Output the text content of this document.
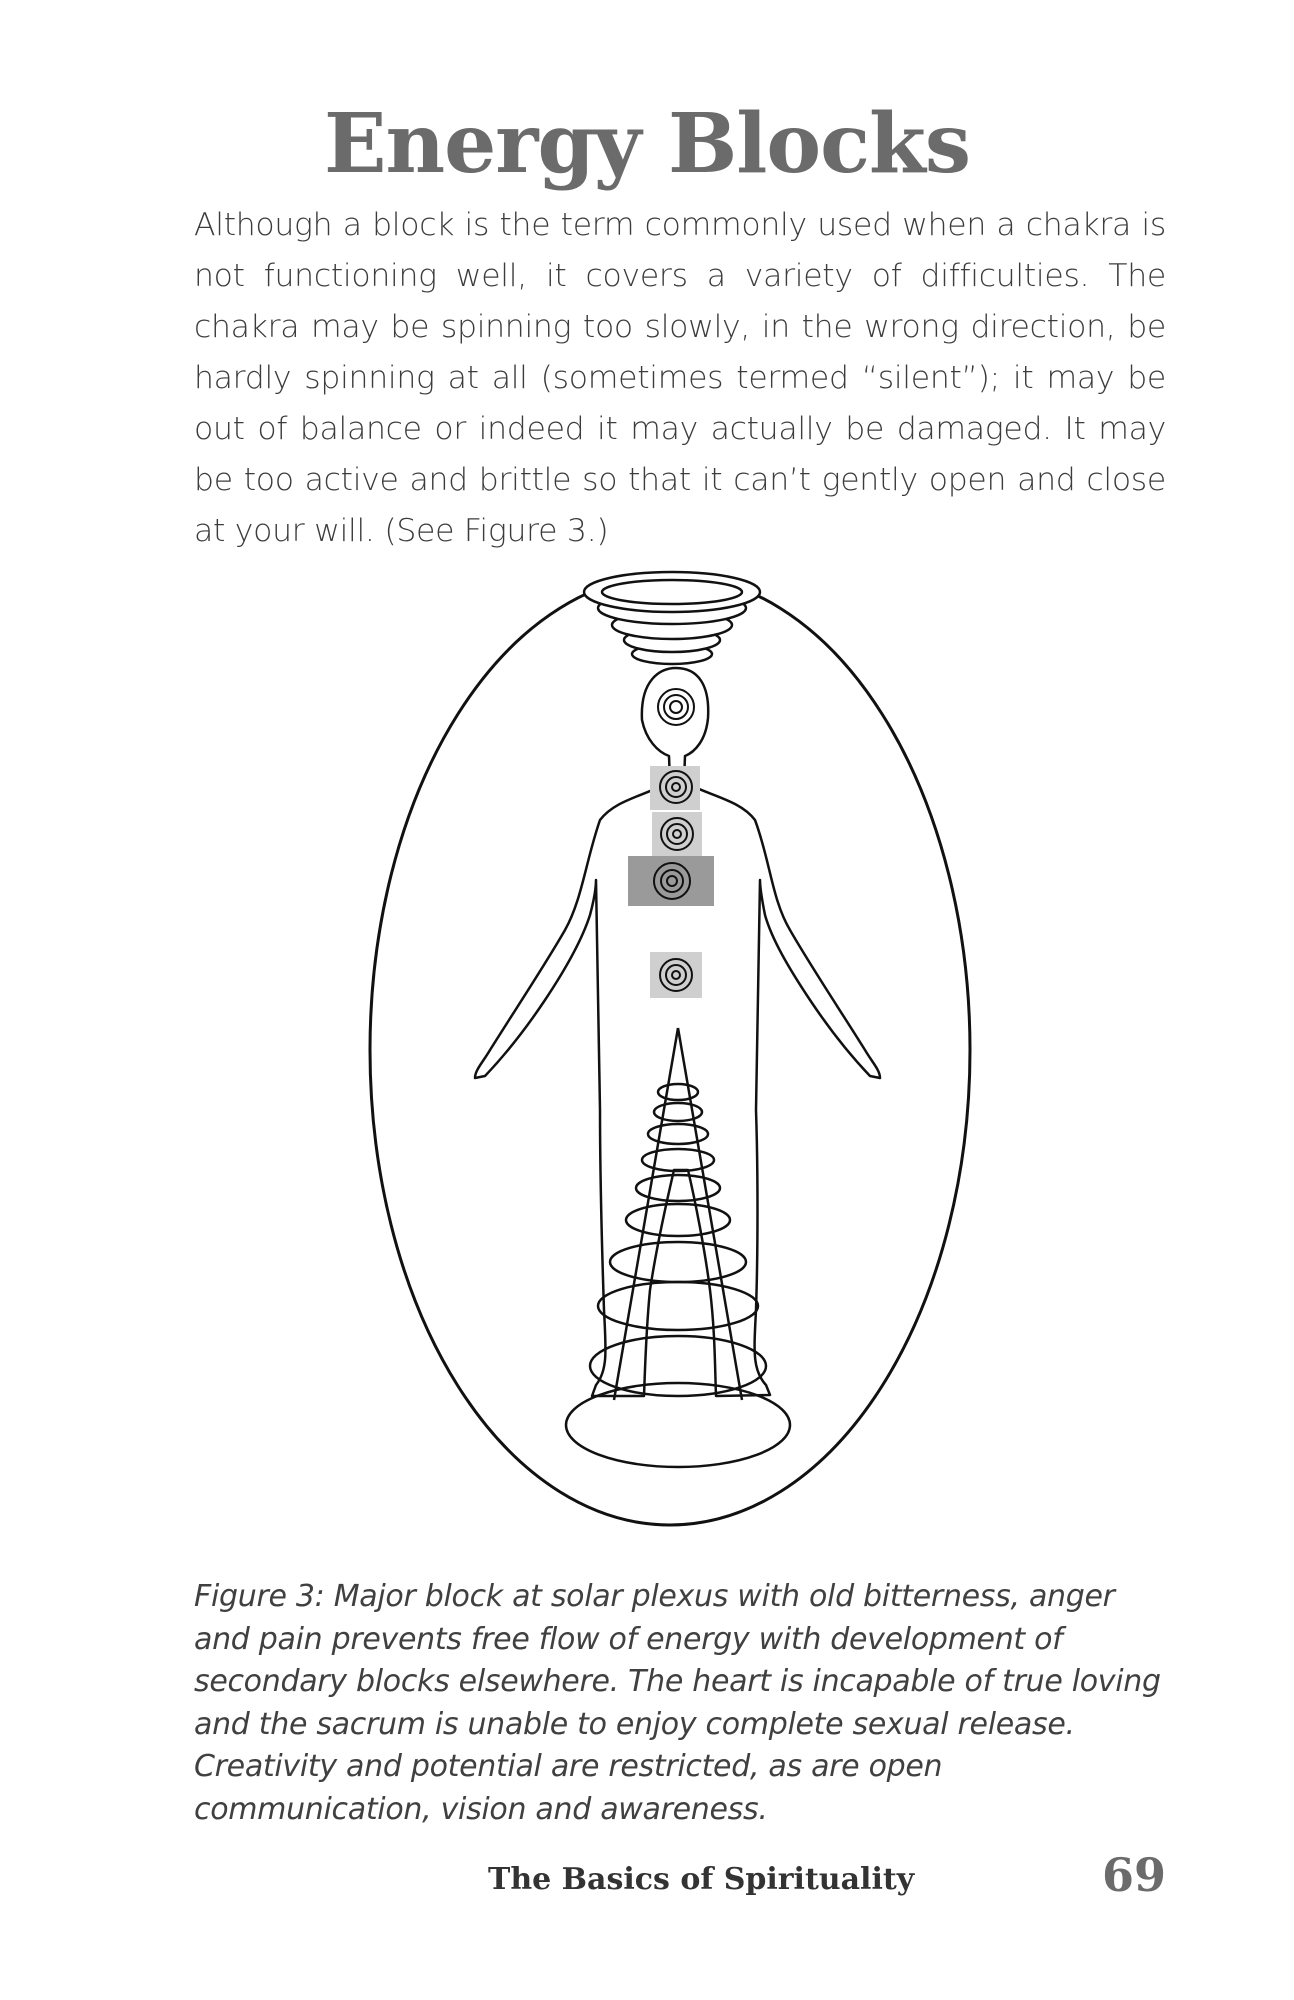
Energy Blocks

Although a block is the term commonly used when a chakra is not functioning well, it covers a variety of difficulties. The chakra may be spinning too slowly, in the wrong direction, be hardly spinning at all (sometimes termed “silent”); it may be out of balance or indeed it may actually be damaged. It may be too active and brittle so that it can’t gently open and close at your will. (See Figure 3.)

Figure 3: Major block at solar plexus with old bitterness, anger and pain prevents free flow of energy with development of secondary blocks elsewhere. The heart is incapable of true loving and the sacrum is unable to enjoy complete sexual release. Creativity and potential are restricted, as are open communication, vision and awareness.

The Basics of Spirituality	69
